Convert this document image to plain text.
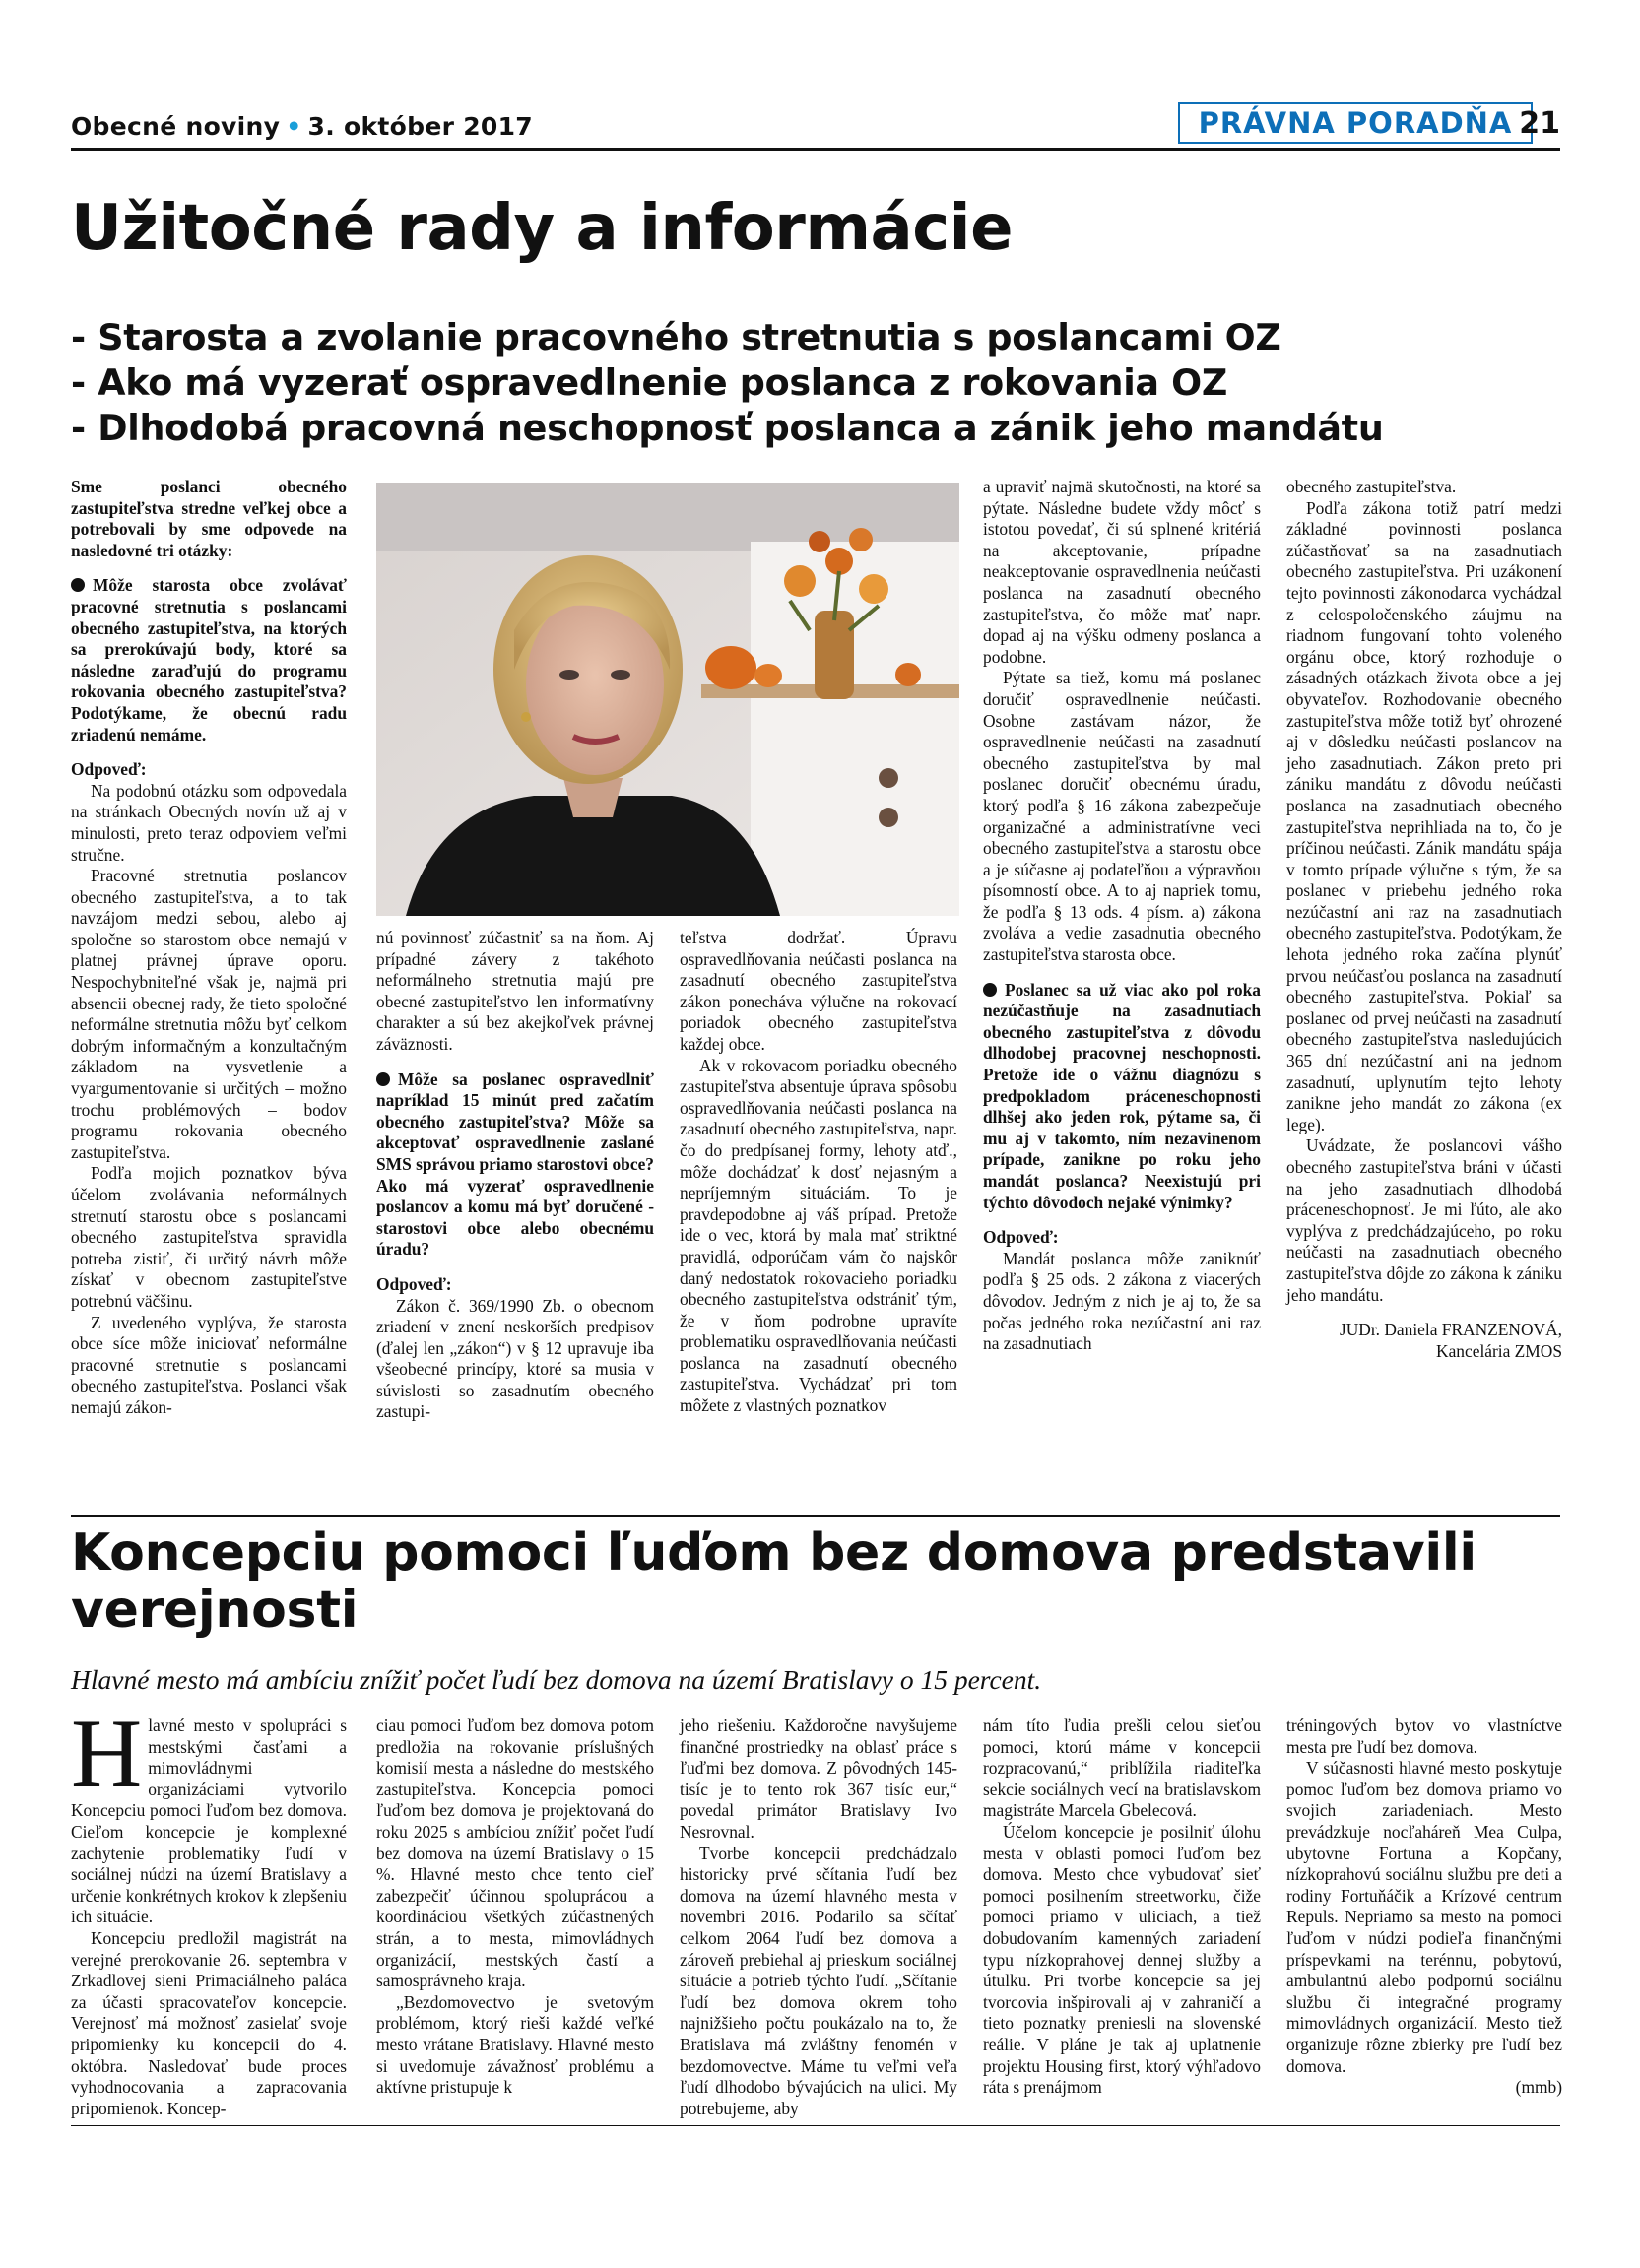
Obecné noviny • 3. október 2017	PRÁVNA PORADŇA 21
Užitočné rady a informácie
- Starosta a zvolanie pracovného stretnutia s poslancami OZ
- Ako má vyzerať ospravedlnenie poslanca z rokovania OZ
- Dlhodobá pracovná neschopnosť poslanca a zánik jeho mandátu

Sme poslanci obecného zastupiteľstva stredne veľkej obce a potrebovali by sme odpovede na nasledovné tri otázky:

Môže starosta obce zvolávať pracovné stretnutia s poslancami obecného zastupiteľstva, na ktorých sa prerokúvajú body, ktoré sa následne zaraďujú do programu rokovania obecného zastupiteľstva? Podotýkame, že obecnú radu zriadenú nemáme.

Odpoveď:

Na podobnú otázku som odpovedala na stránkach Obecných novín už aj v minulosti, preto teraz odpoviem veľmi stručne.

Pracovné stretnutia poslancov obecného zastupiteľstva, a to tak navzájom medzi sebou, alebo aj spoločne so starostom obce nemajú v platnej právnej úprave oporu. Nespochybniteľné však je, najmä pri absencii obecnej rady, že tieto spoločné neformálne stretnutia môžu byť celkom dobrým informačným a konzultačným základom na vysvetlenie a vyargumentovanie si určitých – možno trochu problémových – bodov programu rokovania obecného zastupiteľstva.

Podľa mojich poznatkov býva účelom zvolávania neformálnych stretnutí starostu obce s poslancami obecného zastupiteľstva spravidla potreba zistiť, či určitý návrh môže získať v obecnom zastupiteľstve potrebnú väčšinu.

Z uvedeného vyplýva, že starosta obce síce môže iniciovať neformálne pracovné stretnutie s poslancami obecného zastupiteľstva. Poslanci však nemajú zákon-

nú povinnosť zúčastniť sa na ňom. Aj prípadné závery z takéhoto neformálneho stretnutia majú pre obecné zastupiteľstvo len informatívny charakter a sú bez akejkoľvek právnej záväznosti.

Môže sa poslanec ospravedlniť napríklad 15 minút pred začatím obecného zastupiteľstva? Môže sa akceptovať ospravedlnenie zaslané SMS správou priamo starostovi obce? Ako má vyzerať ospravedlnenie poslancov a komu má byť doručené - starostovi obce alebo obecnému úradu?

Odpoveď:

Zákon č. 369/1990 Zb. o obecnom zriadení v znení neskorších predpisov (ďalej len „zákon“) v § 12 upravuje iba všeobecné princípy, ktoré sa musia v súvislosti so zasadnutím obecného zastupi-

teľstva dodržať. Úpravu ospravedlňovania neúčasti poslanca na zasadnutí obecného zastupiteľstva zákon ponecháva výlučne na rokovací poriadok obecného zastupiteľstva každej obce.

Ak v rokovacom poriadku obecného zastupiteľstva absentuje úprava spôsobu ospravedlňovania neúčasti poslanca na zasadnutí obecného zastupiteľstva, napr. čo do predpísanej formy, lehoty atď., môže dochádzať k dosť nejasným a nepríjemným situáciám. To je pravdepodobne aj váš prípad. Pretože ide o vec, ktorá by mala mať striktné pravidlá, odporúčam vám čo najskôr daný nedostatok rokovacieho poriadku obecného zastupiteľstva odstrániť tým, že v ňom podrobne upravíte problematiku ospravedlňovania neúčasti poslanca na zasadnutí obecného zastupiteľstva. Vychádzať pri tom môžete z vlastných poznatkov

a upraviť najmä skutočnosti, na ktoré sa pýtate. Následne budete vždy môcť s istotou povedať, či sú splnené kritériá na akceptovanie, prípadne neakceptovanie ospravedlnenia neúčasti poslanca na zasadnutí obecného zastupiteľstva, čo môže mať napr. dopad aj na výšku odmeny poslanca a podobne.

Pýtate sa tiež, komu má poslanec doručiť ospravedlnenie neúčasti. Osobne zastávam názor, že ospravedlnenie neúčasti na zasadnutí obecného zastupiteľstva by mal poslanec doručiť obecnému úradu, ktorý podľa § 16 zákona zabezpečuje organizačné a administratívne veci obecného zastupiteľstva a starostu obce a je súčasne aj podateľňou a výpravňou písomností obce. A to aj napriek tomu, že podľa § 13 ods. 4 písm. a) zákona zvoláva a vedie zasadnutia obecného zastupiteľstva starosta obce.

Poslanec sa už viac ako pol roka nezúčastňuje na zasadnutiach obecného zastupiteľstva z dôvodu dlhodobej pracovnej neschopnosti. Pretože ide o vážnu diagnózu s predpokladom práceneschopnosti dlhšej ako jeden rok, pýtame sa, či mu aj v takomto, ním nezavinenom prípade, zanikne po roku jeho mandát poslanca? Neexistujú pri týchto dôvodoch nejaké výnimky?

Odpoveď:

Mandát poslanca môže zaniknúť podľa § 25 ods. 2 zákona z viacerých dôvodov. Jedným z nich je aj to, že sa počas jedného roka nezúčastní ani raz na zasadnutiach

obecného zastupiteľstva.

Podľa zákona totiž patrí medzi základné povinnosti poslanca zúčastňovať sa na zasadnutiach obecného zastupiteľstva. Pri uzákonení tejto povinnosti zákonodarca vychádzal z celospoločenského záujmu na riadnom fungovaní tohto voleného orgánu obce, ktorý rozhoduje o zásadných otázkach života obce a jej obyvateľov. Rozhodovanie obecného zastupiteľstva môže totiž byť ohrozené aj v dôsledku neúčasti poslancov na jeho zasadnutiach. Zákon preto pri zániku mandátu z dôvodu neúčasti poslanca na zasadnutiach obecného zastupiteľstva neprihliada na to, čo je príčinou neúčasti. Zánik mandátu spája v tomto prípade výlučne s tým, že sa poslanec v priebehu jedného roka nezúčastní ani raz na zasadnutiach obecného zastupiteľstva. Podotýkam, že lehota jedného roka začína plynúť prvou neúčasťou poslanca na zasadnutí obecného zastupiteľstva. Pokiaľ sa poslanec od prvej neúčasti na zasadnutí obecného zastupiteľstva nasledujúcich 365 dní nezúčastní ani na jednom zasadnutí, uplynutím tejto lehoty zanikne jeho mandát zo zákona (ex lege).

Uvádzate, že poslancovi vášho obecného zastupiteľstva bráni v účasti na jeho zasadnutiach dlhodobá práceneschopnosť. Je mi ľúto, ale ako vyplýva z predchádzajúceho, po roku neúčasti na zasadnutiach obecného zastupiteľstva dôjde zo zákona k zániku jeho mandátu.

JUDr. Daniela FRANZENOVÁ,

Kancelária ZMOS

Koncepciu pomoci ľuďom bez domova predstavili verejnosti

Hlavné mesto má ambíciu znížiť počet ľudí bez domova na území Bratislavy o 15 percent.

Hlavné mesto v spolupráci s mestskými časťami a mimovládnymi organizáciami vytvorilo Koncepciu pomoci ľuďom bez domova. Cieľom koncepcie je komplexné zachytenie problematiky ľudí v sociálnej núdzi na území Bratislavy a určenie konkrétnych krokov k zlepšeniu ich situácie.

Koncepciu predložil magistrát na verejné prerokovanie 26. septembra v Zrkadlovej sieni Primaciálneho paláca za účasti spracovateľov koncepcie. Verejnosť má možnosť zasielať svoje pripomienky ku koncepcii do 4. októbra. Nasledovať bude proces vyhodnocovania a zapracovania pripomienok. Koncep-

ciau pomoci ľuďom bez domova potom predložia na rokovanie príslušných komisií mesta a následne do mestského zastupiteľstva. Koncepcia pomoci ľuďom bez domova je projektovaná do roku 2025 s ambíciou znížiť počet ľudí bez domova na území Bratislavy o 15 %. Hlavné mesto chce tento cieľ zabezpečiť účinnou spoluprácou a koordináciou všetkých zúčastnených strán, a to mesta, mimovládnych organizácií, mestských častí a samosprávneho kraja.

„Bezdomovectvo je svetovým problémom, ktorý rieši každé veľké mesto vrátane Bratislavy. Hlavné mesto si uvedomuje závažnosť problému a aktívne pristupuje k

jeho riešeniu. Každoročne navyšujeme finančné prostriedky na oblasť práce s ľuďmi bez domova. Z pôvodných 145-tisíc je to tento rok 367 tisíc eur,“ povedal primátor Bratislavy Ivo Nesrovnal.

Tvorbe koncepcii predchádzalo historicky prvé sčítania ľudí bez domova na území hlavného mesta v novembri 2016. Podarilo sa sčítať celkom 2064 ľudí bez domova a zároveň prebiehal aj prieskum sociálnej situácie a potrieb týchto ľudí. „Sčítanie ľudí bez domova okrem toho najnižšieho počtu poukázalo na to, že Bratislava má zvláštny fenomén v bezdomovectve. Máme tu veľmi veľa ľudí dlhodobo bývajúcich na ulici. My potrebujeme, aby

nám títo ľudia prešli celou sieťou pomoci, ktorú máme v koncepcii rozpracovanú,“ priblížila riaditeľka sekcie sociálnych vecí na bratislavskom magistráte Marcela Gbelecová.

Účelom koncepcie je posilniť úlohu mesta v oblasti pomoci ľuďom bez domova. Mesto chce vybudovať sieť pomoci posilnením streetworku, čiže pomoci priamo v uliciach, a tiež dobudovaním kamenných zariadení typu nízkoprahovej dennej služby a útulku. Pri tvorbe koncepcie sa jej tvorcovia inšpirovali aj v zahraničí a tieto poznatky preniesli na slovenské reálie. V pláne je tak aj uplatnenie projektu Housing first, ktorý výhľadovo ráta s prenájmom

tréningových bytov vo vlastníctve mesta pre ľudí bez domova.

V súčasnosti hlavné mesto poskytuje pomoc ľuďom bez domova priamo vo svojich zariadeniach. Mesto prevádzkuje nocľaháreň Mea Culpa, ubytovne Fortuna a Kopčany, nízkoprahovú sociálnu službu pre deti a rodiny Fortuňáčik a Krízové centrum Repuls. Nepriamo sa mesto na pomoci ľuďom v núdzi podieľa finančnými príspevkami na terénnu, pobytovú, ambulantnú alebo podpornú sociálnu službu či integračné programy mimovládnych organizácií. Mesto tiež organizuje rôzne zbierky pre ľudí bez domova.

(mmb)
